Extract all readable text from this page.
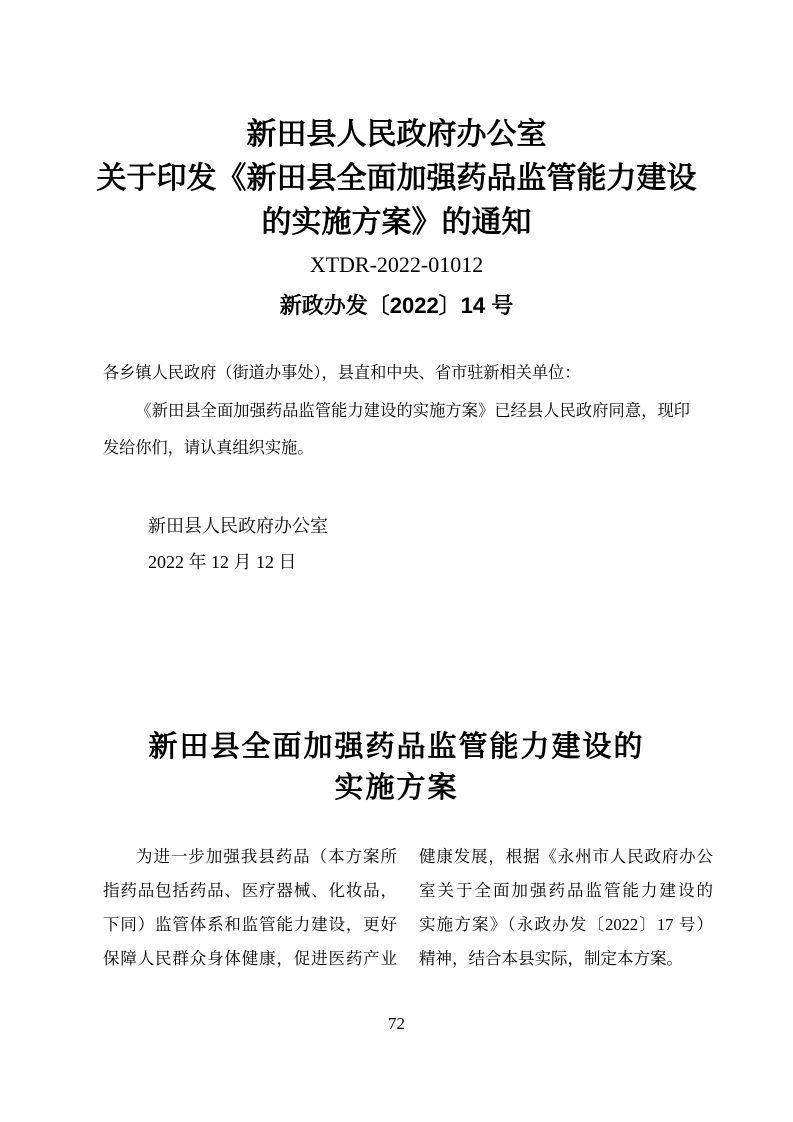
新田县人民政府办公室
关于印发《新田县全面加强药品监管能力建设
的实施方案》的通知
XTDR-2022-01012
新政办发〔2022〕14 号
各乡镇人民政府（街道办事处），县直和中央、省市驻新相关单位：
《新田县全面加强药品监管能力建设的实施方案》已经县人民政府同意，现印
发给你们，请认真组织实施。
新田县人民政府办公室
2022 年 12 月 12 日
新田县全面加强药品监管能力建设的
实施方案
为进一步加强我县药品（本方案所
指药品包括药品、医疗器械、化妆品，
下同）监管体系和监管能力建设，更好
保障人民群众身体健康，促进医药产业
健康发展，根据《永州市人民政府办公
室关于全面加强药品监管能力建设的
实施方案》（永政办发〔2022〕17 号）
精神，结合本县实际，制定本方案。
72
